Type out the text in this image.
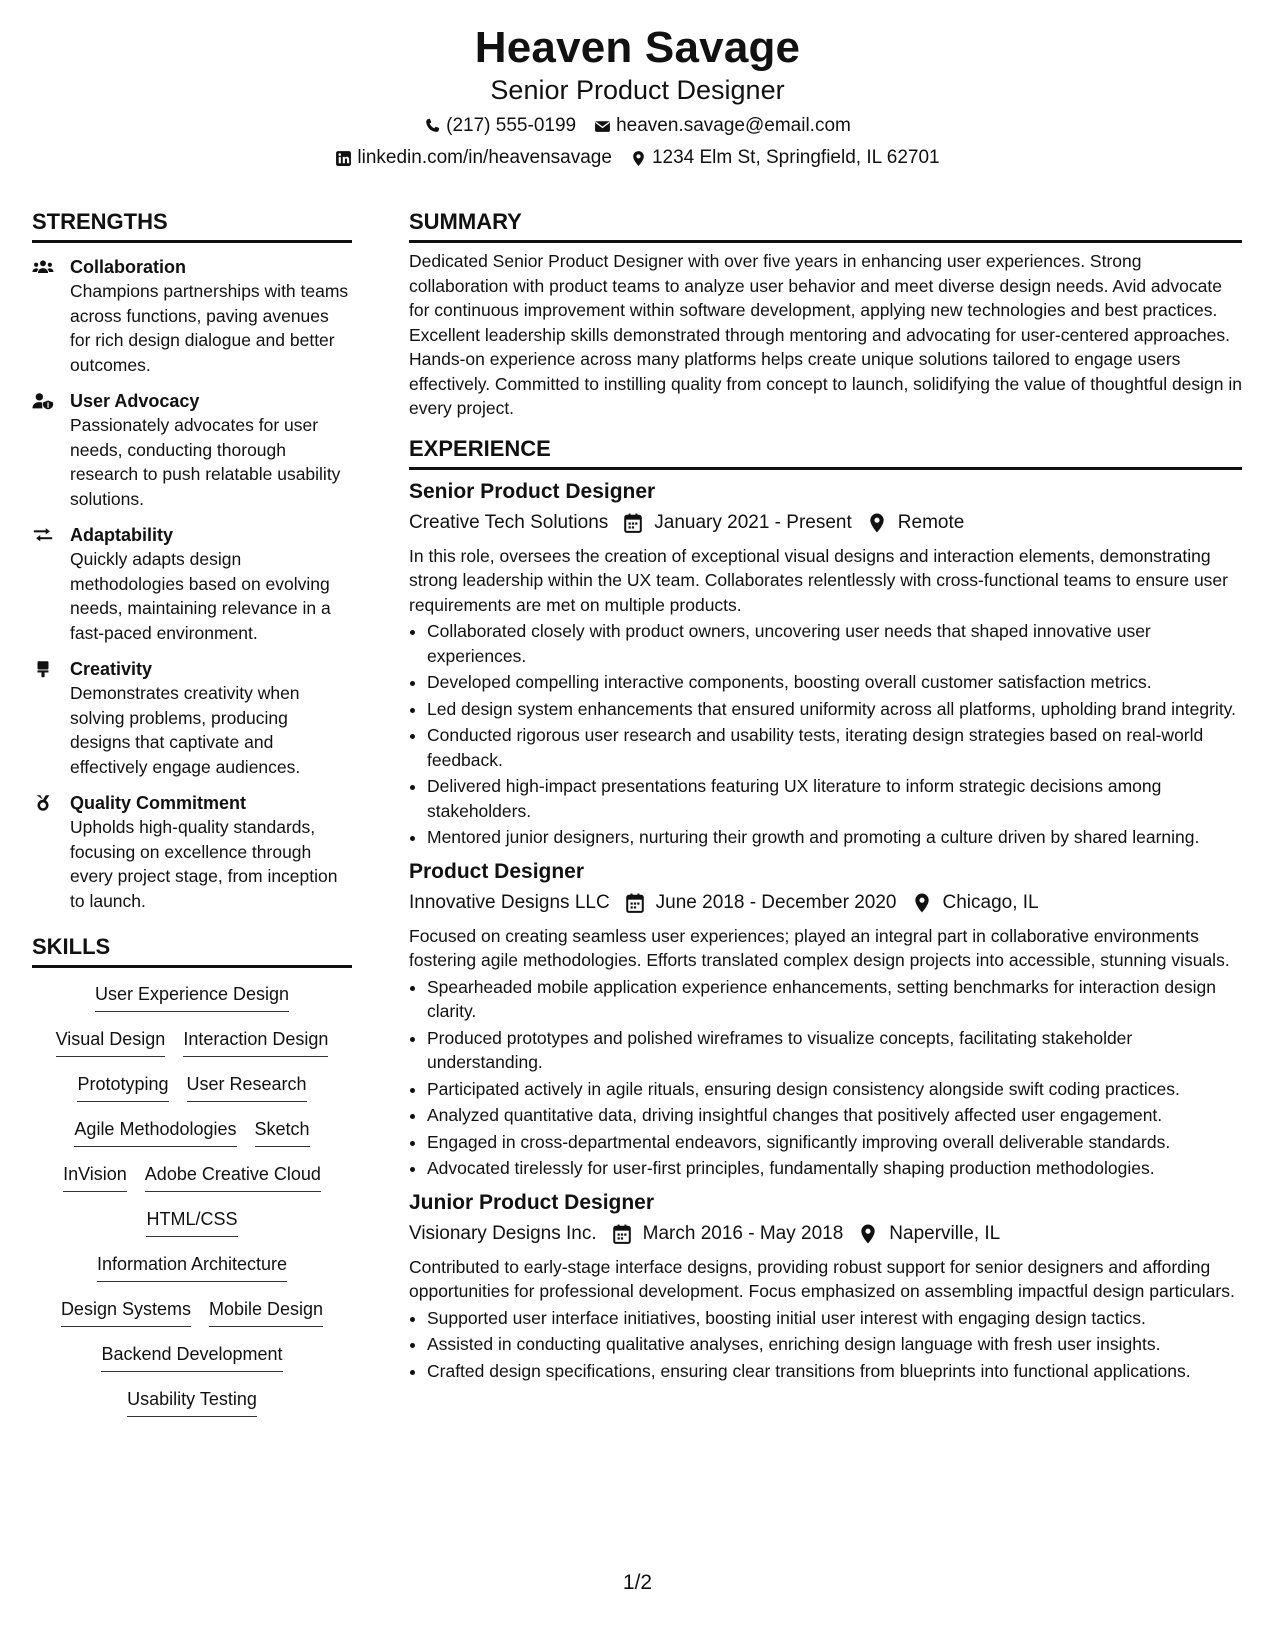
Heaven Savage
Senior Product Designer
(217) 555-0199 heaven.savage@email.com
linkedin.com/in/heavensavage 1234 Elm St, Springfield, IL 62701
STRENGTHS
Collaboration
Champions partnerships with teams across functions, paving avenues for rich design dialogue and better outcomes.
User Advocacy
Passionately advocates for user needs, conducting thorough research to push relatable usability solutions.
Adaptability
Quickly adapts design methodologies based on evolving needs, maintaining relevance in a fast-paced environment.
Creativity
Demonstrates creativity when solving problems, producing designs that captivate and effectively engage audiences.
Quality Commitment
Upholds high-quality standards, focusing on excellence through every project stage, from inception to launch.
SKILLS
User Experience Design
Visual Design Interaction Design
Prototyping User Research
Agile Methodologies Sketch
InVision Adobe Creative Cloud
HTML/CSS
Information Architecture
Design Systems Mobile Design
Backend Development
Usability Testing
SUMMARY
Dedicated Senior Product Designer with over five years in enhancing user experiences. Strong collaboration with product teams to analyze user behavior and meet diverse design needs. Avid advocate for continuous improvement within software development, applying new technologies and best practices. Excellent leadership skills demonstrated through mentoring and advocating for user-centered approaches. Hands-on experience across many platforms helps create unique solutions tailored to engage users effectively. Committed to instilling quality from concept to launch, solidifying the value of thoughtful design in every project.
EXPERIENCE
Senior Product Designer
Creative Tech Solutions January 2021 - Present Remote
In this role, oversees the creation of exceptional visual designs and interaction elements, demonstrating strong leadership within the UX team. Collaborates relentlessly with cross-functional teams to ensure user requirements are met on multiple products.
• Collaborated closely with product owners, uncovering user needs that shaped innovative user experiences.
• Developed compelling interactive components, boosting overall customer satisfaction metrics.
• Led design system enhancements that ensured uniformity across all platforms, upholding brand integrity.
• Conducted rigorous user research and usability tests, iterating design strategies based on real-world feedback.
• Delivered high-impact presentations featuring UX literature to inform strategic decisions among stakeholders.
• Mentored junior designers, nurturing their growth and promoting a culture driven by shared learning.
Product Designer
Innovative Designs LLC June 2018 - December 2020 Chicago, IL
Focused on creating seamless user experiences; played an integral part in collaborative environments fostering agile methodologies. Efforts translated complex design projects into accessible, stunning visuals.
• Spearheaded mobile application experience enhancements, setting benchmarks for interaction design clarity.
• Produced prototypes and polished wireframes to visualize concepts, facilitating stakeholder understanding.
• Participated actively in agile rituals, ensuring design consistency alongside swift coding practices.
• Analyzed quantitative data, driving insightful changes that positively affected user engagement.
• Engaged in cross-departmental endeavors, significantly improving overall deliverable standards.
• Advocated tirelessly for user-first principles, fundamentally shaping production methodologies.
Junior Product Designer
Visionary Designs Inc. March 2016 - May 2018 Naperville, IL
Contributed to early-stage interface designs, providing robust support for senior designers and affording opportunities for professional development. Focus emphasized on assembling impactful design particulars.
• Supported user interface initiatives, boosting initial user interest with engaging design tactics.
• Assisted in conducting qualitative analyses, enriching design language with fresh user insights.
• Crafted design specifications, ensuring clear transitions from blueprints into functional applications.
1/2
